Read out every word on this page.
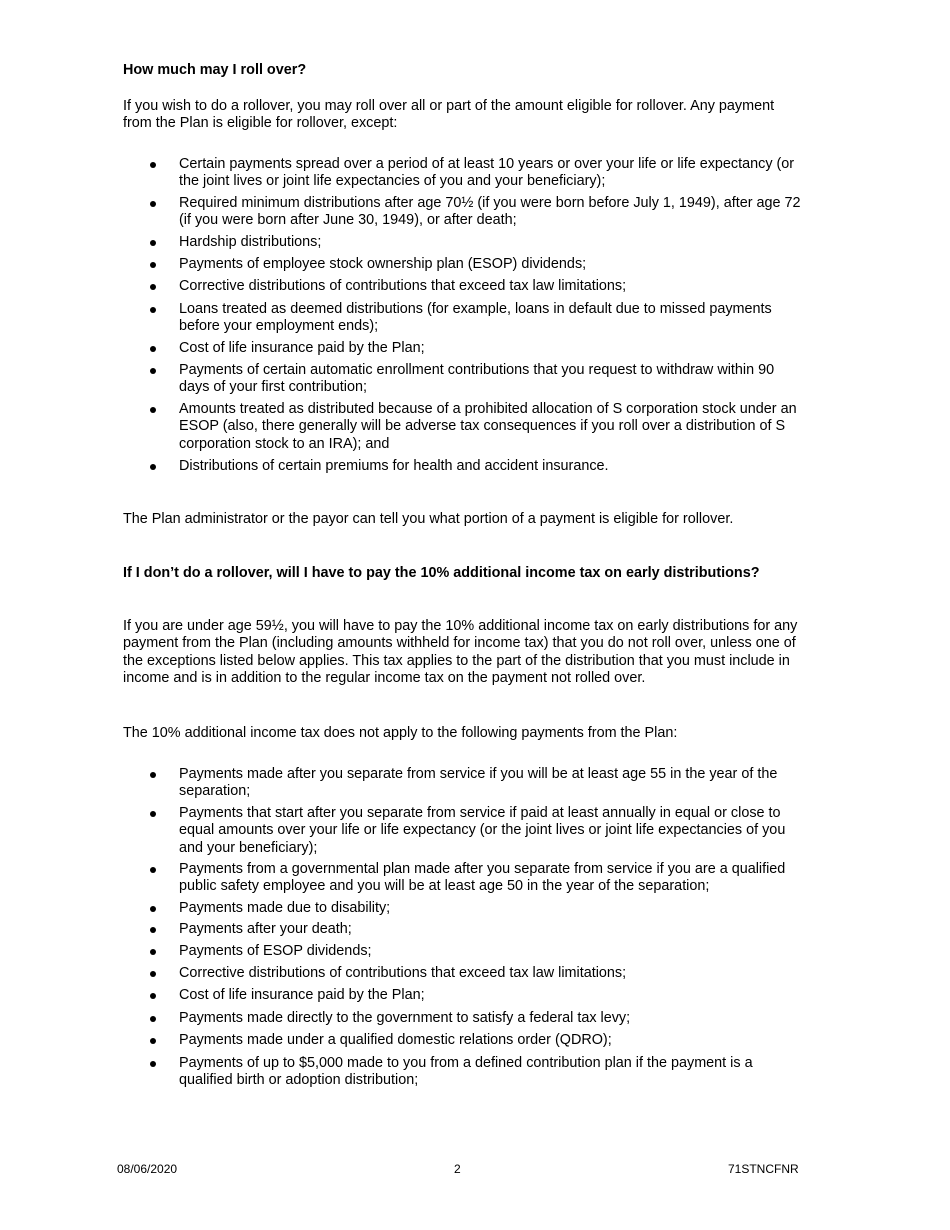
How much may I roll over?
If you wish to do a rollover, you may roll over all or part of the amount eligible for rollover. Any payment from the Plan is eligible for rollover, except:
Certain payments spread over a period of at least 10 years or over your life or life expectancy (or the joint lives or joint life expectancies of you and your beneficiary);
Required minimum distributions after age 70½ (if you were born before July 1, 1949), after age 72 (if you were born after June 30, 1949), or after death;
Hardship distributions;
Payments of employee stock ownership plan (ESOP) dividends;
Corrective distributions of contributions that exceed tax law limitations;
Loans treated as deemed distributions (for example, loans in default due to missed payments before your employment ends);
Cost of life insurance paid by the Plan;
Payments of certain automatic enrollment contributions that you request to withdraw within 90 days of your first contribution;
Amounts treated as distributed because of a prohibited allocation of S corporation stock under an ESOP (also, there generally will be adverse tax consequences if you roll over a distribution of S corporation stock to an IRA); and
Distributions of certain premiums for health and accident insurance.
The Plan administrator or the payor can tell you what portion of a payment is eligible for rollover.
If I don’t do a rollover, will I have to pay the 10% additional income tax on early distributions?
If you are under age 59½, you will have to pay the 10% additional income tax on early distributions for any payment from the Plan (including amounts withheld for income tax) that you do not roll over, unless one of the exceptions listed below applies. This tax applies to the part of the distribution that you must include in income and is in addition to the regular income tax on the payment not rolled over.
The 10% additional income tax does not apply to the following payments from the Plan:
Payments made after you separate from service if you will be at least age 55 in the year of the separation;
Payments that start after you separate from service if paid at least annually in equal or close to equal amounts over your life or life expectancy (or the joint lives or joint life expectancies of you and your beneficiary);
Payments from a governmental plan made after you separate from service if you are a qualified public safety employee and you will be at least age 50 in the year of the separation;
Payments made due to disability;
Payments after your death;
Payments of ESOP dividends;
Corrective distributions of contributions that exceed tax law limitations;
Cost of life insurance paid by the Plan;
Payments made directly to the government to satisfy a federal tax levy;
Payments made under a qualified domestic relations order (QDRO);
Payments of up to $5,000 made to you from a defined contribution plan if the payment is a qualified birth or adoption distribution;
08/06/2020	2	71STNCFNR
